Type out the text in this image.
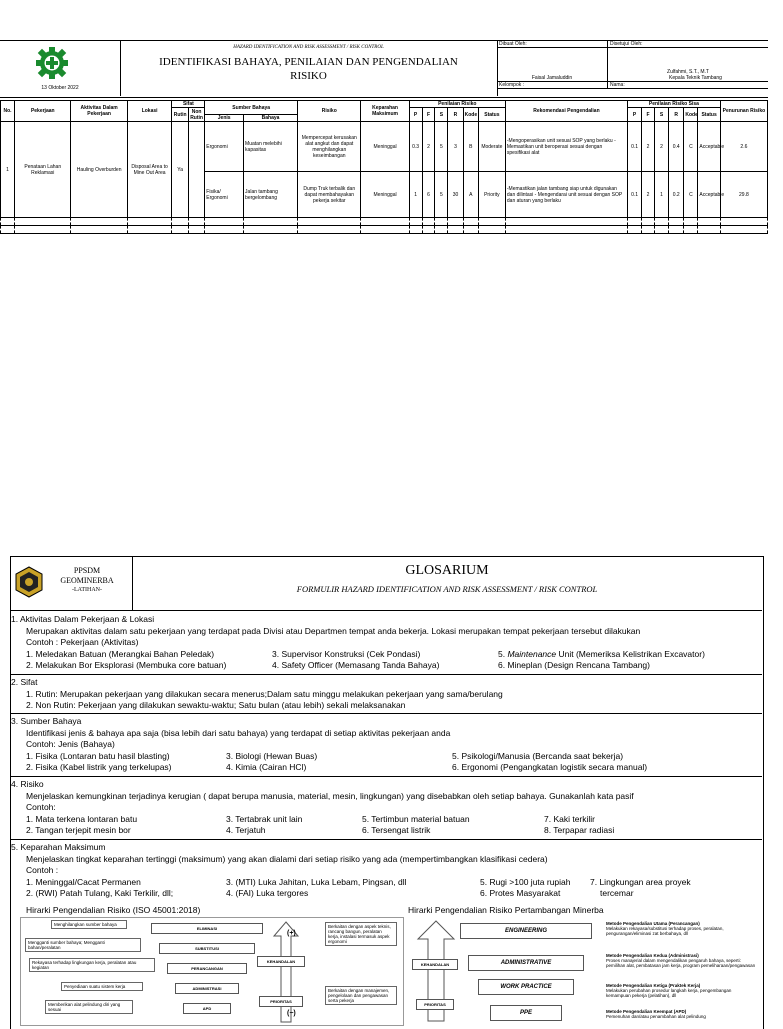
13 Oktober 2022
HAZARD IDENTIFICATION AND RISK ASSESSMENT / RISK CONTROL
IDENTIFIKASI BAHAYA, PENILAIAN DAN PENGENDALIAN
RISIKO
Dibuat Oleh:	Disetujui Oleh:
Faisal Jamaluddin
Zulfahmi, S.T., M.T
Kepala Teknik Tambang
Kelompok :	Nama:
No.	Pekerjaan	Aktivitas Dalam Pekerjaan	Lokasi	Sifat		Sumber Bahaya		Risiko	Keparahan Maksimum	Penilaian Risiko						Rekomendasi Pengendalian	Penilaian Risiko Sisa						Penurunan Risiko
				Rutin	Non Rutin					P	F	S	R	Kode	Status		P	F	S	R	Kode	Status	
						Jenis	Bahaya																
1	Penataan Lahan Reklamasi	Hauling Overburden	Disposal Area to Mine Out Area	Ya		Ergonomi	Muatan melebihi kapasitas	Mempercepat kerusakan alat angkut dan dapat menghilangkan keseimbangan	Meninggal	0.3	2	5	3	B	Moderate	-Mengoperasikan unit sesuai SOP yang berlaku -Memastikan unit beroperasi sesuai dengan spesifikasi alat	0.1	2	2	0.4	C	Acceptable	2.6
						Fisika/ Ergonomi	Jalan tambang bergelombang	Dump Truk terbalik dan dapat membahayakan pekerja sekitar	Meninggal	1	6	5	30	A	Priority	-Memastikan jalan tambang siap untuk digunakan dan dilintasi - Mengendarai unit sesuai dengan SOP dan aturan yang berlaku	0.1	2	1	0.2	C	Acceptable	29.8

PPSDM
GEOMINERBA
-LATIHAN-
GLOSARIUM
FORMULIR HAZARD IDENTIFICATION AND RISK ASSESSMENT / RISK CONTROL
1. Aktivitas Dalam Pekerjaan & Lokasi
Merupakan aktivitas dalam satu pekerjaan yang terdapat pada Divisi atau Departmen tempat anda bekerja. Lokasi merupakan tempat pekerjaan tersebut dilakukan
Contoh : Pekerjaan (Aktivitas)
1. Meledakan Batuan (Merangkai Bahan Peledak)
2. Melakukan Bor Eksplorasi (Membuka core batuan)
3. Supervisor Konstruksi (Cek Pondasi)
4. Safety Officer (Memasang Tanda Bahaya)
5. Maintenance Unit (Memeriksa Kelistrikan Excavator)
6. Mineplan (Design Rencana Tambang)
2. Sifat
1. Rutin: Merupakan pekerjaan yang dilakukan secara menerus;Dalam satu minggu melakukan pekerjaan yang sama/berulang
2. Non Rutin: Pekerjaan yang dilakukan sewaktu-waktu; Satu bulan (atau lebih) sekali melaksanakan
3. Sumber Bahaya
Identifikasi jenis & bahaya apa saja (bisa lebih dari satu bahaya) yang terdapat di setiap aktivitas pekerjaan anda
Contoh: Jenis (Bahaya)
1. Fisika (Lontaran batu hasil blasting)
2. Fisika (Kabel listrik yang terkelupas)
3. Biologi (Hewan Buas)
4. Kimia (Cairan HCl)
5. Psikologi/Manusia (Bercanda saat bekerja)
6. Ergonomi (Pengangkatan logistik secara manual)
4. Risiko
Menjelaskan kemungkinan terjadinya kerugian ( dapat berupa manusia, material, mesin, lingkungan) yang disebabkan oleh setiap bahaya. Gunakanlah kata pasif
Contoh:
1. Mata terkena lontaran batu
2. Tangan terjepit mesin bor
3. Tertabrak unit lain
4. Terjatuh
5. Tertimbun material batuan
6. Tersengat listrik
7. Kaki terkilir
8. Terpapar radiasi
5. Keparahan Maksimum
Menjelaskan tingkat keparahan tertinggi (maksimum) yang akan dialami dari setiap risiko yang ada (mempertimbangkan klasifikasi cedera)
Contoh :
1. Meninggal/Cacat Permanen
2. (RWI) Patah Tulang, Kaki Terkilir, dll;
3. (MTI) Luka Jahitan, Luka Lebam, Pingsan, dll
4. (FAI) Luka tergores
5. Rugi >100 juta rupiah
6. Protes Masyarakat
7. Lingkungan area proyek
tercemar
Hirarki Pengendalian Risiko (ISO 45001:2018)	Hirarki Pengendalian Risiko Pertambangan Minerba
Menghilangkan sumber bahaya
Mengganti sumber bahaya; Mengganti bahan/peralatan
Rekayasa terhadap lingkungan kerja, peralatan atau kegiatan
Penyediaan suatu sistem kerja
Memberikan alat pelindung diri yang sesuai
ELIMINASI
SUBSTITUSI
PERANCANGAN
ADMINISTRASI
APD
(+)
(−)
KEHANDALAN
PRIORITAS
Berkaitan dengan aspek teknis, rancang bangun, peralatan kerja, instalasi termasuk aspek ergonomi
Berkaitan dengan manajemen, pengelolaan dan pengawasan serta pekerja
KEHANDALAN
PRIORITAS
ENGINEERING
ADMINISTRATIVE
WORK PRACTICE
PPE
Metode Pengendalian Utama (Perancangan)
Melakukan rekayasa/substitusi terhadap proses, peralatan, pengurangan/eliminasi zat berbahaya, dll
Metode Pengendalian Kedua (Administrasi)
Proses manajerial dalam mengendalikan pengaruh bahaya, seperti: pemilihan alat, pembatasan jam kerja, program pemeliharaan/pengawasan
Metode Pengendalian Ketiga (Praktek Kerja)
Melakukan perubahan prosedur langkah kerja, pengembangan kemampuan pekerja (pelatihan), dll
Metode Pengendalian Keempat (APD)
Pemenuhan dan/atau penambahan alat pelindung
